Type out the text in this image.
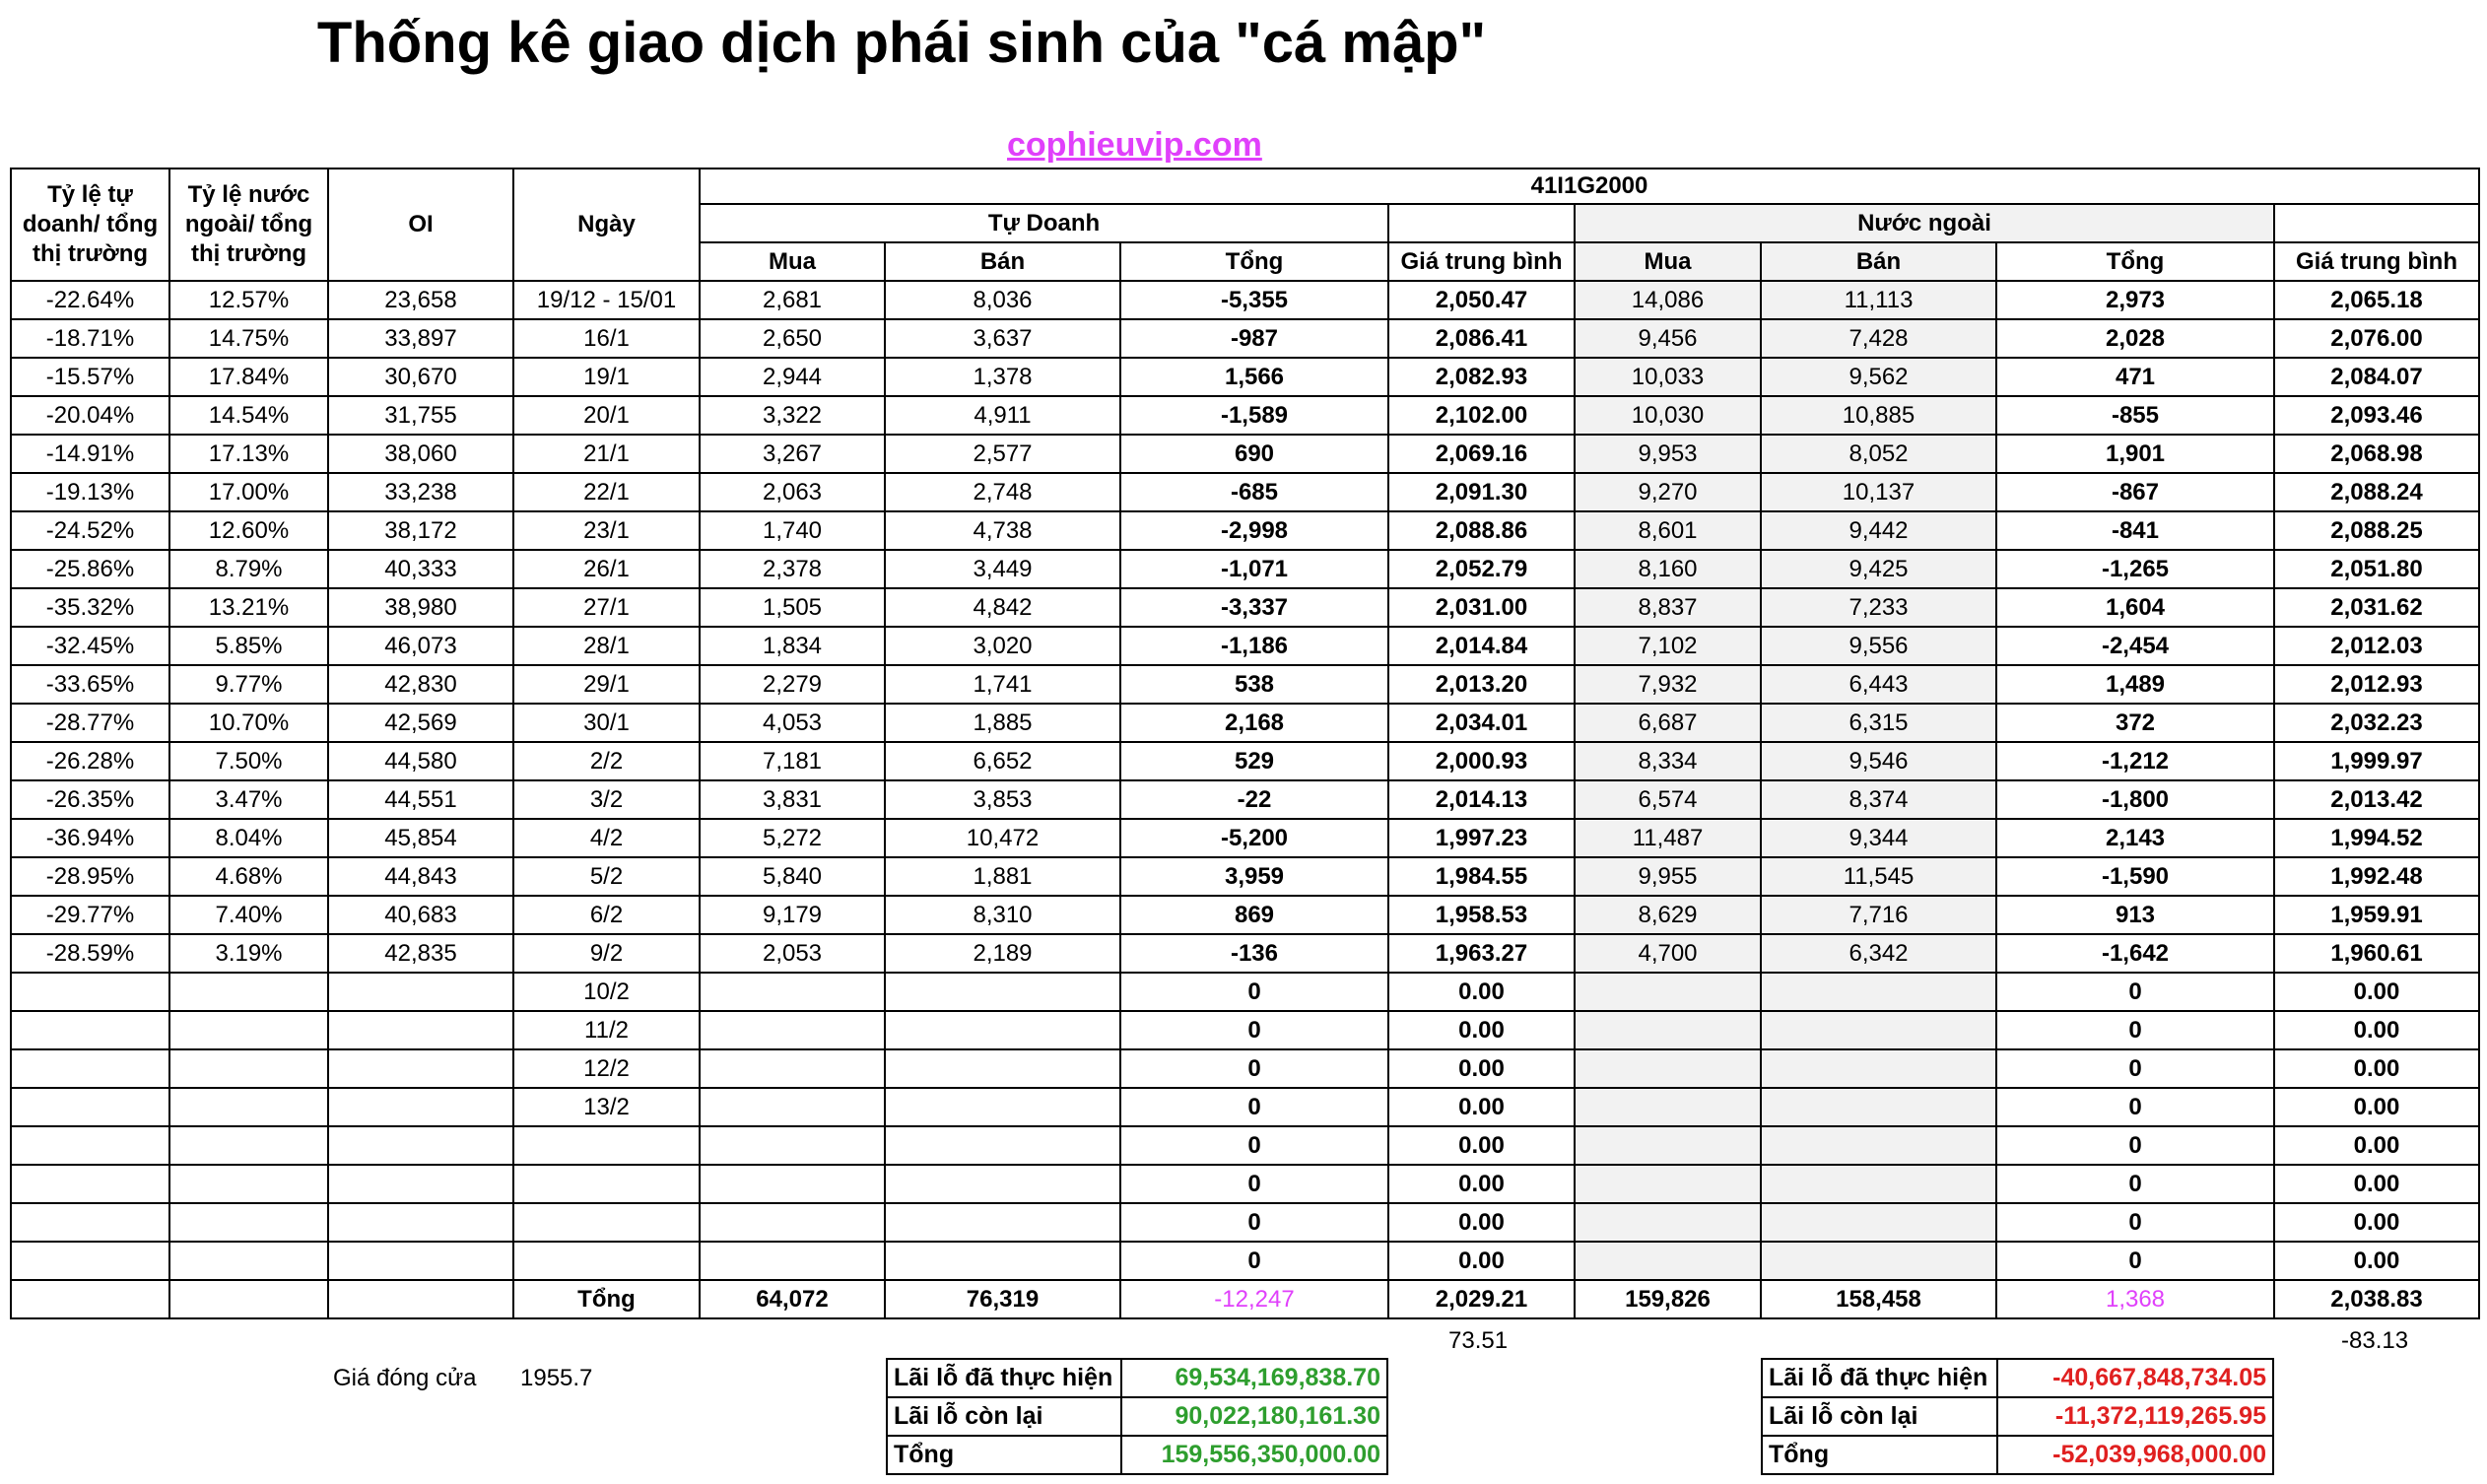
Thống kê giao dịch phái sinh của "cá mập"
cophieuvip.com
Tỷ lệ tự doanh/ tổng thị trường	Tỷ lệ nước ngoài/ tổng thị trường	OI	Ngày	41I1G2000							
				Tự Doanh				Nước ngoài			
				Mua	Bán	Tổng	Giá trung bình	Mua	Bán	Tổng	Giá trung bình
-22.64%	12.57%	23,658	19/12 - 15/01	2,681	8,036	-5,355	2,050.47	14,086	11,113	2,973	2,065.18
-18.71%	14.75%	33,897	16/1	2,650	3,637	-987	2,086.41	9,456	7,428	2,028	2,076.00
-15.57%	17.84%	30,670	19/1	2,944	1,378	1,566	2,082.93	10,033	9,562	471	2,084.07
-20.04%	14.54%	31,755	20/1	3,322	4,911	-1,589	2,102.00	10,030	10,885	-855	2,093.46
-14.91%	17.13%	38,060	21/1	3,267	2,577	690	2,069.16	9,953	8,052	1,901	2,068.98
-19.13%	17.00%	33,238	22/1	2,063	2,748	-685	2,091.30	9,270	10,137	-867	2,088.24
-24.52%	12.60%	38,172	23/1	1,740	4,738	-2,998	2,088.86	8,601	9,442	-841	2,088.25
-25.86%	8.79%	40,333	26/1	2,378	3,449	-1,071	2,052.79	8,160	9,425	-1,265	2,051.80
-35.32%	13.21%	38,980	27/1	1,505	4,842	-3,337	2,031.00	8,837	7,233	1,604	2,031.62
-32.45%	5.85%	46,073	28/1	1,834	3,020	-1,186	2,014.84	7,102	9,556	-2,454	2,012.03
-33.65%	9.77%	42,830	29/1	2,279	1,741	538	2,013.20	7,932	6,443	1,489	2,012.93
-28.77%	10.70%	42,569	30/1	4,053	1,885	2,168	2,034.01	6,687	6,315	372	2,032.23
-26.28%	7.50%	44,580	2/2	7,181	6,652	529	2,000.93	8,334	9,546	-1,212	1,999.97
-26.35%	3.47%	44,551	3/2	3,831	3,853	-22	2,014.13	6,574	8,374	-1,800	2,013.42
-36.94%	8.04%	45,854	4/2	5,272	10,472	-5,200	1,997.23	11,487	9,344	2,143	1,994.52
-28.95%	4.68%	44,843	5/2	5,840	1,881	3,959	1,984.55	9,955	11,545	-1,590	1,992.48
-29.77%	7.40%	40,683	6/2	9,179	8,310	869	1,958.53	8,629	7,716	913	1,959.91
-28.59%	3.19%	42,835	9/2	2,053	2,189	-136	1,963.27	4,700	6,342	-1,642	1,960.61
			10/2			0	0.00			0	0.00
			11/2			0	0.00			0	0.00
			12/2			0	0.00			0	0.00
			13/2			0	0.00			0	0.00
						0	0.00			0	0.00
						0	0.00			0	0.00
						0	0.00			0	0.00
						0	0.00			0	0.00
			Tổng	64,072	76,319	-12,247	2,029.21	159,826	158,458	1,368	2,038.83
73.51	-83.13
Giá đóng cửa 1955.7	Lãi lỗ đã thực hiện	69,534,169,838.70
Lãi lỗ còn lại	90,022,180,161.30
Tổng	159,556,350,000.00
Lãi lỗ đã thực hiện	-40,667,848,734.05
Lãi lỗ còn lại	-11,372,119,265.95
Tổng	-52,039,968,000.00
